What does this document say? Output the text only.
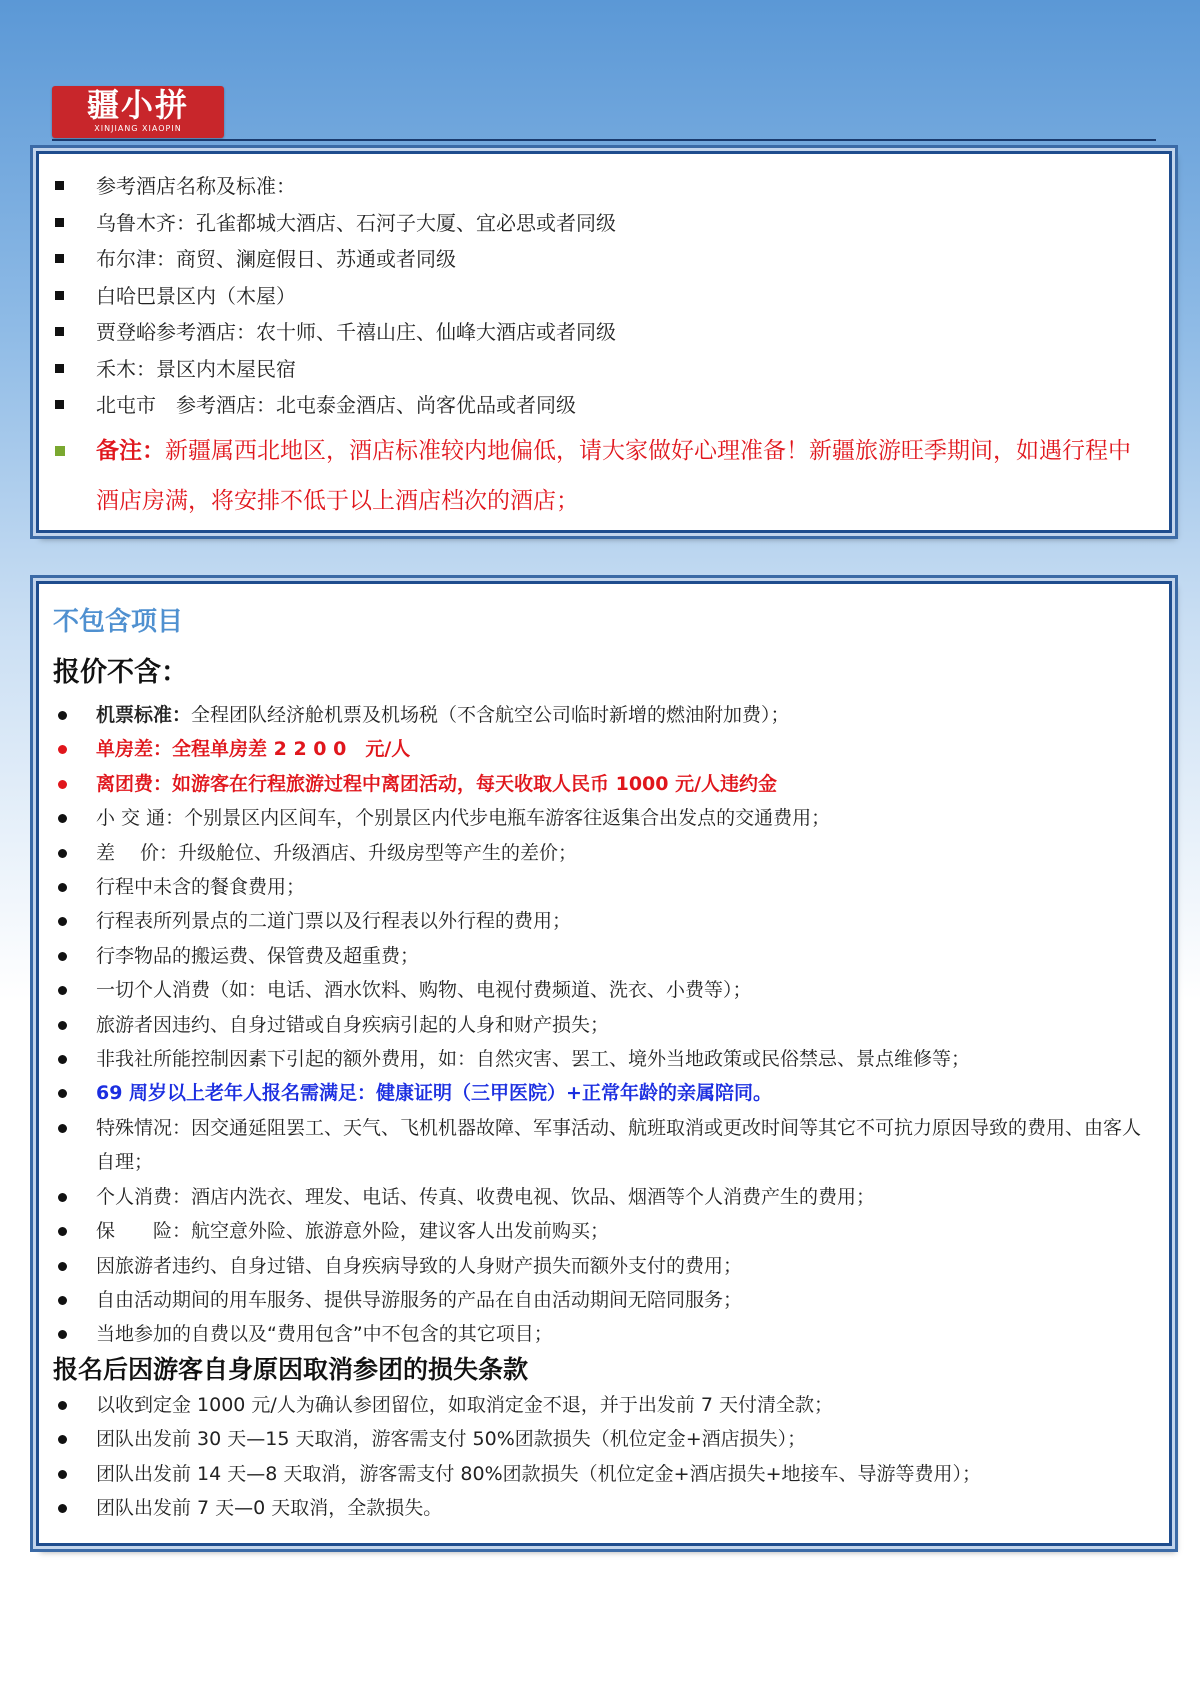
疆小拼
XINJIANG XIAOPIN
参考酒店名称及标准：
乌鲁木齐：孔雀都城大酒店、石河子大厦、宜必思或者同级
布尔津：商贸、澜庭假日、苏通或者同级
白哈巴景区内（木屋）
贾登峪参考酒店：农十师、千禧山庄、仙峰大酒店或者同级
禾木：景区内木屋民宿
北屯市　参考酒店：北屯泰金酒店、尚客优品或者同级
备注：新疆属西北地区，酒店标准较内地偏低，请大家做好心理准备！新疆旅游旺季期间，如遇行程中酒店房满，将安排不低于以上酒店档次的酒店；
不包含项目
报价不含：
机票标准：全程团队经济舱机票及机场税（不含航空公司临时新增的燃油附加费）；
单房差：全程单房差 2 2 0 0　元/人
离团费：如游客在行程旅游过程中离团活动，每天收取人民币 1000 元/人违约金
小 交 通：个别景区内区间车，个别景区内代步电瓶车游客往返集合出发点的交通费用；
差　 价：升级舱位、升级酒店、升级房型等产生的差价；
行程中未含的餐食费用；
行程表所列景点的二道门票以及行程表以外行程的费用；
行李物品的搬运费、保管费及超重费；
一切个人消费（如：电话、酒水饮料、购物、电视付费频道、洗衣、小费等）；
旅游者因违约、自身过错或自身疾病引起的人身和财产损失；
非我社所能控制因素下引起的额外费用，如：自然灾害、罢工、境外当地政策或民俗禁忌、景点维修等；
69 周岁以上老年人报名需满足：健康证明（三甲医院）+正常年龄的亲属陪同。
特殊情况：因交通延阻罢工、天气、飞机机器故障、军事活动、航班取消或更改时间等其它不可抗力原因导致的费用、由客人自理；
个人消费：酒店内洗衣、理发、电话、传真、收费电视、饮品、烟酒等个人消费产生的费用；
保　　险：航空意外险、旅游意外险，建议客人出发前购买；
因旅游者违约、自身过错、自身疾病导致的人身财产损失而额外支付的费用；
自由活动期间的用车服务、提供导游服务的产品在自由活动期间无陪同服务；
当地参加的自费以及“费用包含”中不包含的其它项目；
报名后因游客自身原因取消参团的损失条款
以收到定金 1000 元/人为确认参团留位，如取消定金不退，并于出发前 7 天付清全款；
团队出发前 30 天—15 天取消，游客需支付 50%团款损失（机位定金+酒店损失）；
团队出发前 14 天—8 天取消，游客需支付 80%团款损失（机位定金+酒店损失+地接车、导游等费用）；
团队出发前 7 天—0 天取消，全款损失。
